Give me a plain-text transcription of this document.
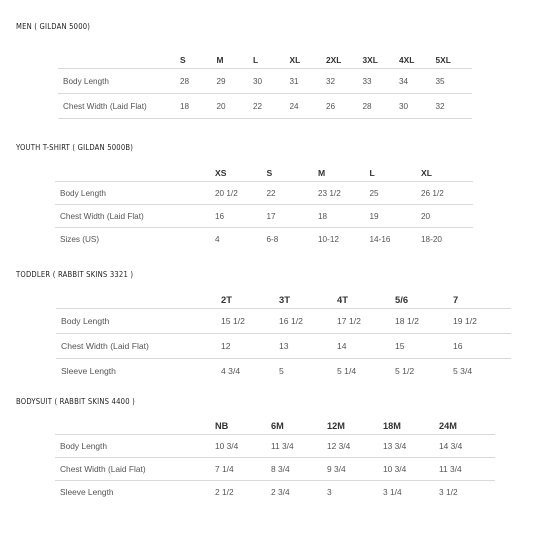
MEN ( GILDAN 5000)
	S	M	L	XL	2XL	3XL	4XL	5XL
Body Length	28	29	30	31	32	33	34	35
Chest Width (Laid Flat)	18	20	22	24	26	28	30	32
YOUTH T-SHIRT ( GILDAN 5000B)
	XS	S	M	L	XL
Body Length	20 1/2	22	23 1/2	25	26 1/2
Chest Width (Laid Flat)	16	17	18	19	20
Sizes (US)	4	6-8	10-12	14-16	18-20
TODDLER ( RABBIT SKINS 3321 )
	2T	3T	4T	5/6	7
Body Length	15 1/2	16 1/2	17 1/2	18 1/2	19 1/2
Chest Width (Laid Flat)	12	13	14	15	16
Sleeve Length	4 3/4	5	5 1/4	5 1/2	5 3/4
BODYSUIT ( RABBIT SKINS 4400 )
	NB	6M	12M	18M	24M
Body Length	10 3/4	11 3/4	12 3/4	13 3/4	14 3/4
Chest Width (Laid Flat)	7 1/4	8 3/4	9 3/4	10 3/4	11 3/4
Sleeve Length	2 1/2	2 3/4	3	3 1/4	3 1/2
